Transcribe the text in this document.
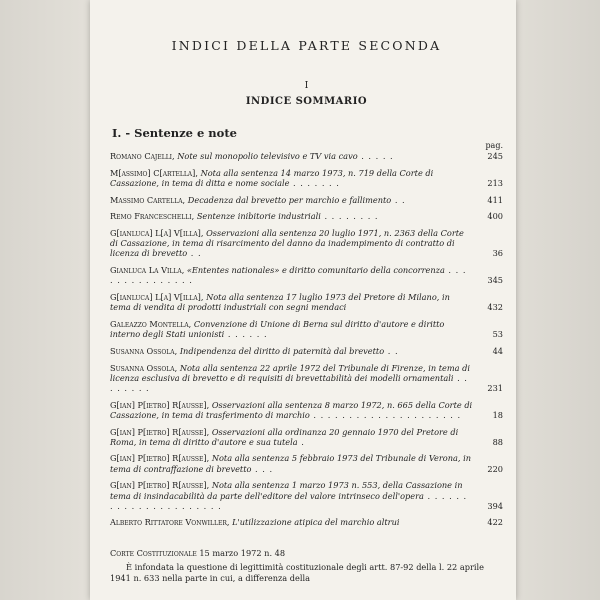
INDICI DELLA PARTE SECONDA
I
INDICE SOMMARIO
I. - Sentenze e note
pag.
Romano Cajelli, Note sul monopolio televisivo e TV via cavo . . . . .	245
M[assimo] C[artella], Nota alla sentenza 14 marzo 1973, n. 719 della Corte di Cassazione, in tema di ditta e nome sociale . . . . . . .	213
Massimo Cartella, Decadenza dal brevetto per marchio e fallimento . .	411
Remo Franceschelli, Sentenze inibitorie industriali . . . . . . . .	400
G[ianluca] L[a] V[illa], Osservazioni alla sentenza 20 luglio 1971, n. 2363 della Corte di Cassazione, in tema di risarcimento del danno da inadempimento di contratto di licenza di brevetto . .	36
Gianluca La Villa, «Ententes nationales» e diritto comunitario della concorrenza . . . . . . . . . . . . . . .	345
G[ianluca] L[a] V[illa], Nota alla sentenza 17 luglio 1973 del Pretore di Milano, in tema di vendita di prodotti industriali con segni mendaci	432
Galeazzo Montella, Convenzione di Unione di Berna sul diritto d'autore e diritto interno degli Stati unionisti . . . . . .	53
Susanna Ossola, Indipendenza del diritto di paternità dal brevetto . .	44
Susanna Ossola, Nota alla sentenza 22 aprile 1972 del Tribunale di Firenze, in tema di licenza esclusiva di brevetto e di requisiti di brevettabilità dei modelli ornamentali . . . . . . . .	231
G[ian] P[ietro] R[ausse], Osservazioni alla sentenza 8 marzo 1972, n. 665 della Corte di Cassazione, in tema di trasferimento di marchio . . . . . . . . . . . . . . . . . . . . .	18
G[ian] P[ietro] R[ausse], Osservazioni alla ordinanza 20 gennaio 1970 del Pretore di Roma, in tema di diritto d'autore e sua tutela .	88
G[ian] P[ietro] R[ausse], Nota alla sentenza 5 febbraio 1973 del Tribunale di Verona, in tema di contraffazione di brevetto . . .	220
G[ian] P[ietro] R[ausse], Nota alla sentenza 1 marzo 1973 n. 553, della Cassazione in tema di insindacabilità da parte dell'editore del valore intrinseco dell'opera . . . . . . . . . . . . . . . . . . . . . .	394
Alberto Rittatore Vonwiller, L'utilizzazione atipica del marchio altrui	422
Corte Costituzionale 15 marzo 1972 n. 48
È infondata la questione di legittimità costituzionale degli artt. 87-92 della l. 22 aprile 1941 n. 633 nella parte in cui, a differenza della
